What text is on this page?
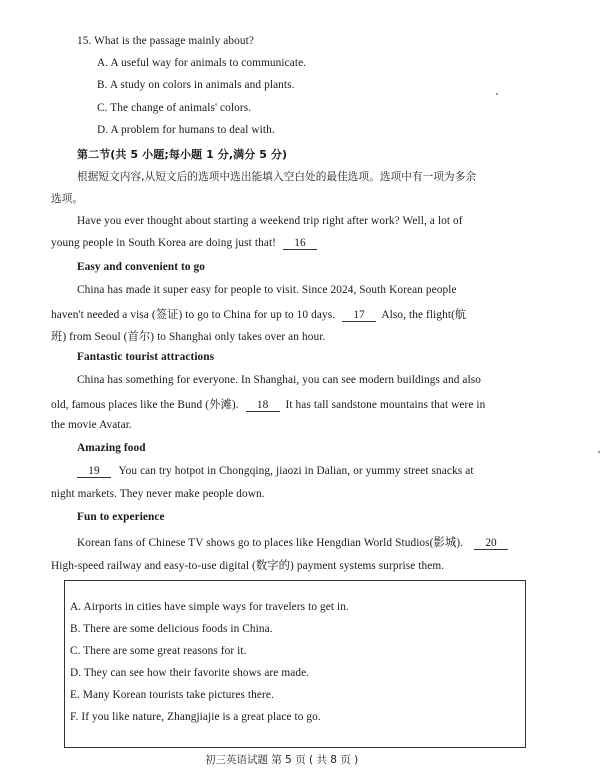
15. What is the passage mainly about?
A. A useful way for animals to communicate.
B. A study on colors in animals and plants.
C. The change of animals' colors.
D. A problem for humans to deal with.
第二节(共 5 小题;每小题 1 分,满分 5 分)
根据短文内容,从短文后的选项中选出能填入空白处的最佳选项。选项中有一项为多余
选项。
Have you ever thought about starting a weekend trip right after work? Well, a lot of
young people in South Korea are doing just that! 16
Easy and convenient to go
China has made it super easy for people to visit. Since 2024, South Korean people
haven't needed a visa (签证) to go to China for up to 10 days. 17 Also, the flight(航
班) from Seoul (首尔) to Shanghai only takes over an hour.
Fantastic tourist attractions
China has something for everyone. In Shanghai, you can see modern buildings and also
old, famous places like the Bund (外滩). 18 It has tall sandstone mountains that were in
the movie Avatar.
Amazing food
19 You can try hotpot in Chongqing, jiaozi in Dalian, or yummy street snacks at
night markets. They never make people down.
Fun to experience
Korean fans of Chinese TV shows go to places like Hengdian World Studios(影城). 20
High-speed railway and easy-to-use digital (数字的) payment systems surprise them.
A. Airports in cities have simple ways for travelers to get in.
B. There are some delicious foods in China.
C. There are some great reasons for it.
D. They can see how their favorite shows are made.
E. Many Korean tourists take pictures there.
F. If you like nature, Zhangjiajie is a great place to go.
初三英语试题 第 5 页 ( 共 8 页 )
